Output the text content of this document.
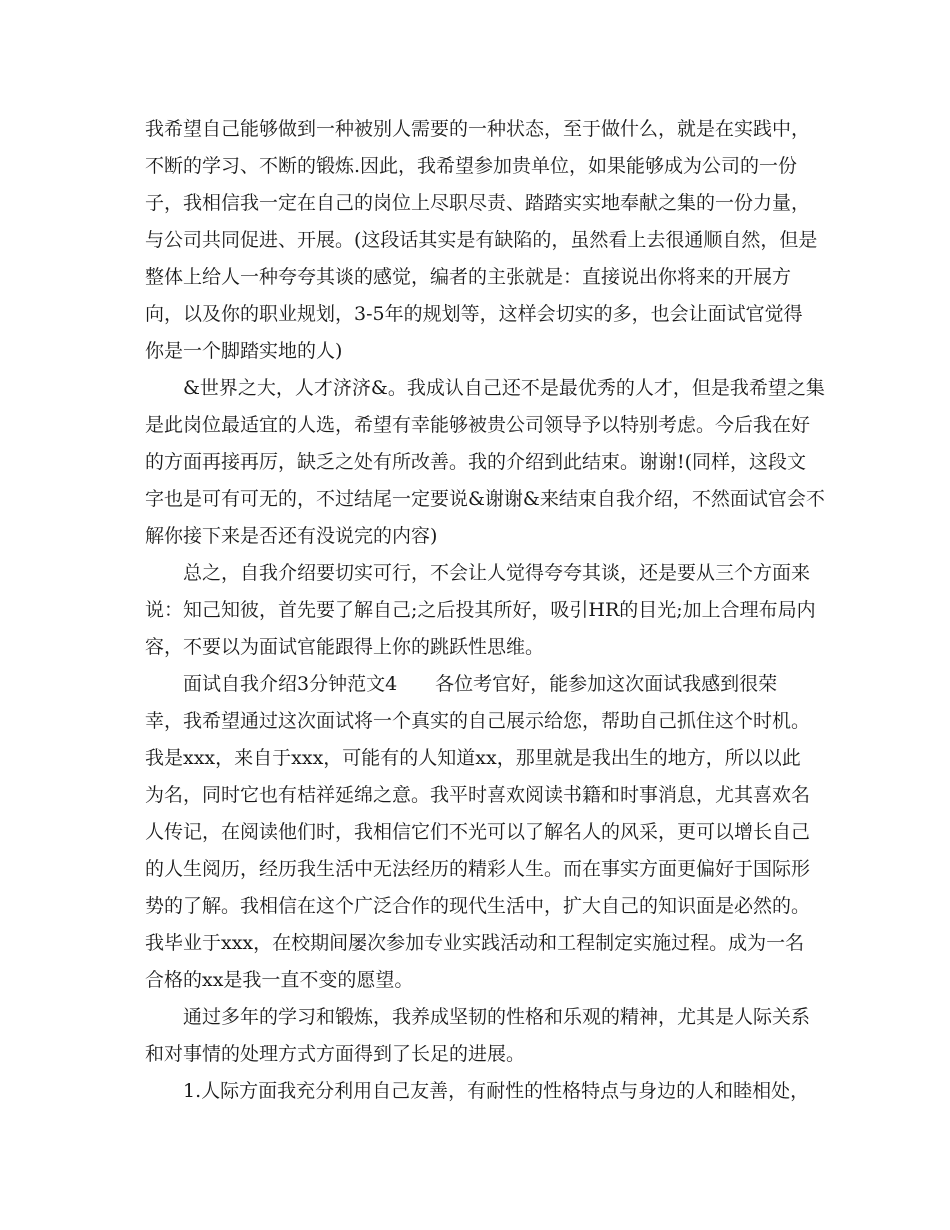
我希望自己能够做到一种被别人需要的一种状态，至于做什么，就是在实践中，
不断的学习、不断的锻炼.因此，我希望参加贵单位，如果能够成为公司的一份
子，我相信我一定在自己的岗位上尽职尽责、踏踏实实地奉献之集的一份力量，
与公司共同促进、开展。(这段话其实是有缺陷的，虽然看上去很通顺自然，但是
整体上给人一种夸夸其谈的感觉，编者的主张就是：直接说出你将来的开展方
向，以及你的职业规划，3-5年的规划等，这样会切实的多，也会让面试官觉得
你是一个脚踏实地的人)
&世界之大，人才济济&。我成认自己还不是最优秀的人才，但是我希望之集
是此岗位最适宜的人选，希望有幸能够被贵公司领导予以特别考虑。今后我在好
的方面再接再厉，缺乏之处有所改善。我的介绍到此结束。谢谢!(同样，这段文
字也是可有可无的，不过结尾一定要说&谢谢&来结束自我介绍，不然面试官会不
解你接下来是否还有没说完的内容)
总之，自我介绍要切实可行，不会让人觉得夸夸其谈，还是要从三个方面来
说：知己知彼，首先要了解自己;之后投其所好，吸引HR的目光;加上合理布局内
容，不要以为面试官能跟得上你的跳跃性思维。
面试自我介绍3分钟范文4　　各位考官好，能参加这次面试我感到很荣
幸，我希望通过这次面试将一个真实的自己展示给您，帮助自己抓住这个时机。
我是xxx，来自于xxx，可能有的人知道xx，那里就是我出生的地方，所以以此
为名，同时它也有桔祥延绵之意。我平时喜欢阅读书籍和时事消息，尤其喜欢名
人传记，在阅读他们时，我相信它们不光可以了解名人的风采，更可以增长自己
的人生阅历，经历我生活中无法经历的精彩人生。而在事实方面更偏好于国际形
势的了解。我相信在这个广泛合作的现代生活中，扩大自己的知识面是必然的。
我毕业于xxx，在校期间屡次参加专业实践活动和工程制定实施过程。成为一名
合格的xx是我一直不变的愿望。
通过多年的学习和锻炼，我养成坚韧的性格和乐观的精神，尤其是人际关系
和对事情的处理方式方面得到了长足的进展。
1.人际方面我充分利用自己友善，有耐性的性格特点与身边的人和睦相处，
